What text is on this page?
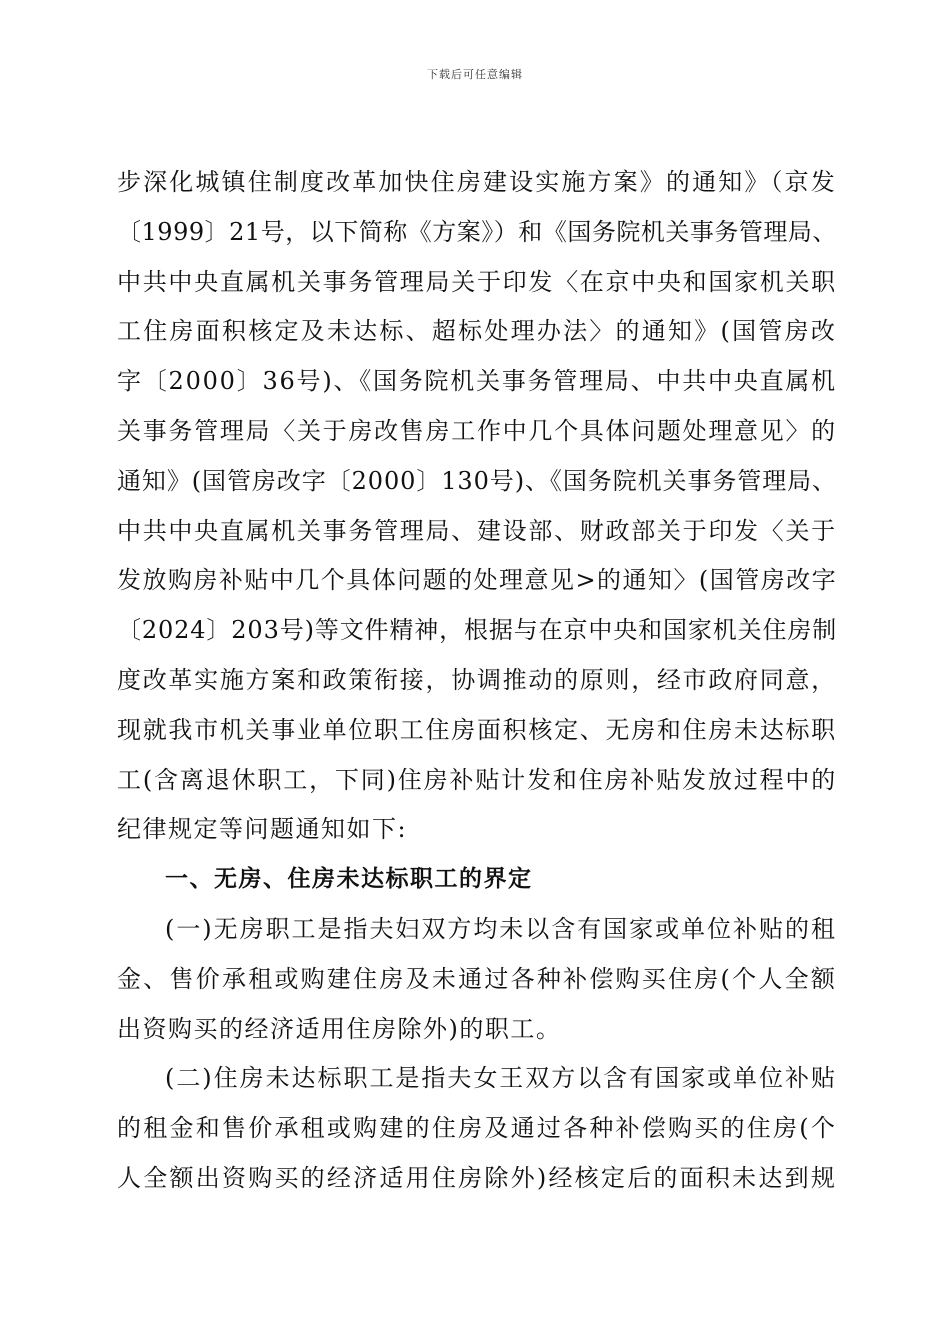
下载后可任意编辑
步深化城镇住制度改革加快住房建设实施方案》的通知》（京发
〔1999〕21号，以下简称《方案》）和《国务院机关事务管理局、
中共中央直属机关事务管理局关于印发〈在京中央和国家机关职
工住房面积核定及未达标、超标处理办法〉的通知》(国管房改
字〔2000〕36号)、《国务院机关事务管理局、中共中央直属机
关事务管理局〈关于房改售房工作中几个具体问题处理意见〉的
通知》(国管房改字〔2000〕130号)、《国务院机关事务管理局、
中共中央直属机关事务管理局、建设部、财政部关于印发〈关于
发放购房补贴中几个具体问题的处理意见>的通知〉(国管房改字
〔2024〕203号)等文件精神，根据与在京中央和国家机关住房制
度改革实施方案和政策衔接，协调推动的原则，经市政府同意，
现就我市机关事业单位职工住房面积核定、无房和住房未达标职
工(含离退休职工，下同)住房补贴计发和住房补贴发放过程中的
纪律规定等问题通知如下:
一、无房、住房未达标职工的界定
(一)无房职工是指夫妇双方均未以含有国家或单位补贴的租
金、售价承租或购建住房及未通过各种补偿购买住房(个人全额
出资购买的经济适用住房除外)的职工。
(二)住房未达标职工是指夫女王双方以含有国家或单位补贴
的租金和售价承租或购建的住房及通过各种补偿购买的住房(个
人全额出资购买的经济适用住房除外)经核定后的面积未达到规
